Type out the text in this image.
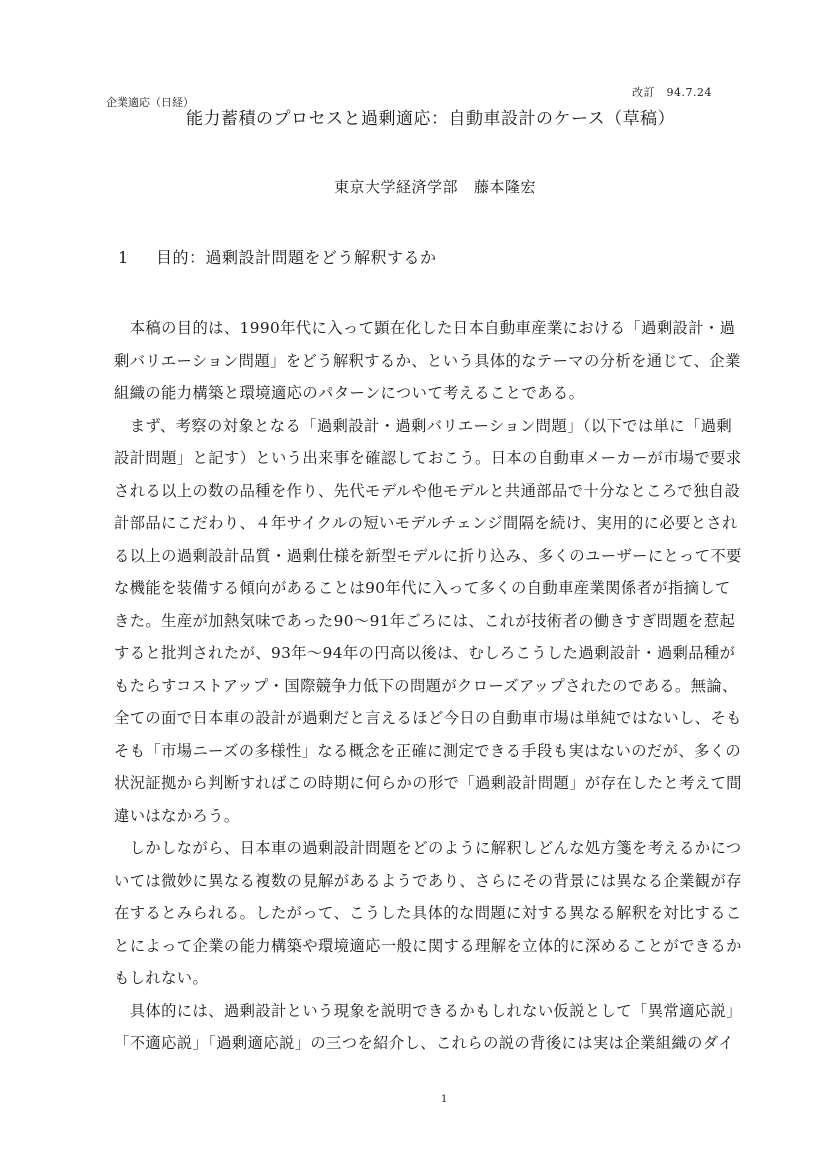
改訂　94.7.24
企業適応（日経）
能力蓄積のプロセスと過剰適応：自動車設計のケース（草稿）
東京大学経済学部 藤本隆宏
1 目的：過剰設計問題をどう解釈するか
　本稿の目的は、1990年代に入って顕在化した日本自動車産業における「過剰設計・過
剰バリエーション問題」をどう解釈するか、という具体的なテーマの分析を通じて、企業
組織の能力構築と環境適応のパターンについて考えることである。
　まず、考察の対象となる「過剰設計・過剰バリエーション問題」（以下では単に「過剰
設計問題」と記す）という出来事を確認しておこう。日本の自動車メーカーが市場で要求
される以上の数の品種を作り、先代モデルや他モデルと共通部品で十分なところで独自設
計部品にこだわり、４年サイクルの短いモデルチェンジ間隔を続け、実用的に必要とされ
る以上の過剰設計品質・過剰仕様を新型モデルに折り込み、多くのユーザーにとって不要
な機能を装備する傾向があることは90年代に入って多くの自動車産業関係者が指摘して
きた。生産が加熱気味であった90～91年ごろには、これが技術者の働きすぎ問題を惹起
すると批判されたが、93年～94年の円高以後は、むしろこうした過剰設計・過剰品種が
もたらすコストアップ・国際競争力低下の問題がクローズアップされたのである。無論、
全ての面で日本車の設計が過剰だと言えるほど今日の自動車市場は単純ではないし、そも
そも「市場ニーズの多様性」なる概念を正確に測定できる手段も実はないのだが、多くの
状況証拠から判断すればこの時期に何らかの形で「過剰設計問題」が存在したと考えて間
違いはなかろう。
　しかしながら、日本車の過剰設計問題をどのように解釈しどんな処方箋を考えるかにつ
いては微妙に異なる複数の見解があるようであり、さらにその背景には異なる企業観が存
在するとみられる。したがって、こうした具体的な問題に対する異なる解釈を対比するこ
とによって企業の能力構築や環境適応一般に関する理解を立体的に深めることができるか
もしれない。
　具体的には、過剰設計という現象を説明できるかもしれない仮説として「異常適応説」
「不適応説」「過剰適応説」の三つを紹介し、これらの説の背後には実は企業組織のダイ
1
